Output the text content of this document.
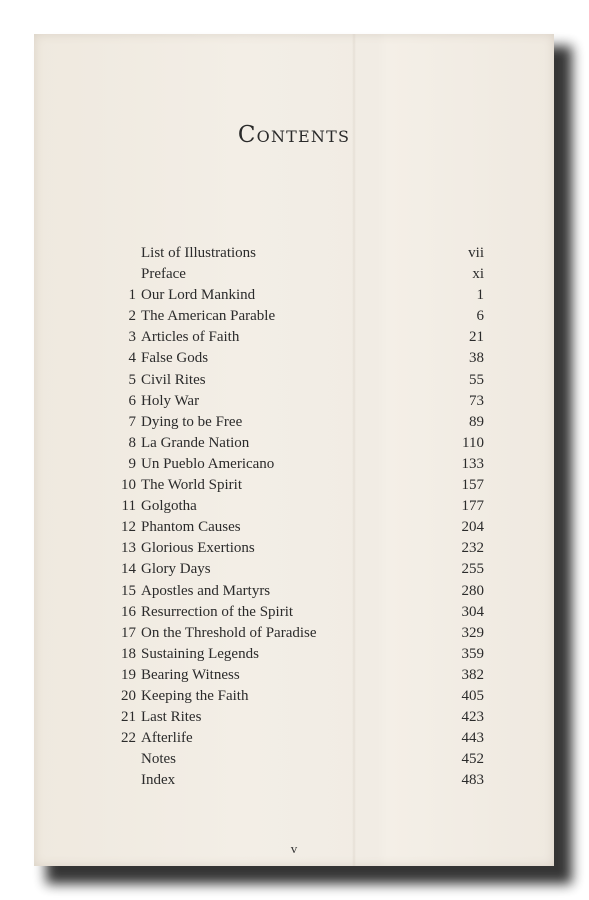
Contents
List of Illustrations	vii
Preface	xi
1 Our Lord Mankind	1
2 The American Parable	6
3 Articles of Faith	21
4 False Gods	38
5 Civil Rites	55
6 Holy War	73
7 Dying to be Free	89
8 La Grande Nation	110
9 Un Pueblo Americano	133
10 The World Spirit	157
11 Golgotha	177
12 Phantom Causes	204
13 Glorious Exertions	232
14 Glory Days	255
15 Apostles and Martyrs	280
16 Resurrection of the Spirit	304
17 On the Threshold of Paradise	329
18 Sustaining Legends	359
19 Bearing Witness	382
20 Keeping the Faith	405
21 Last Rites	423
22 Afterlife	443
Notes	452
Index	483
v
